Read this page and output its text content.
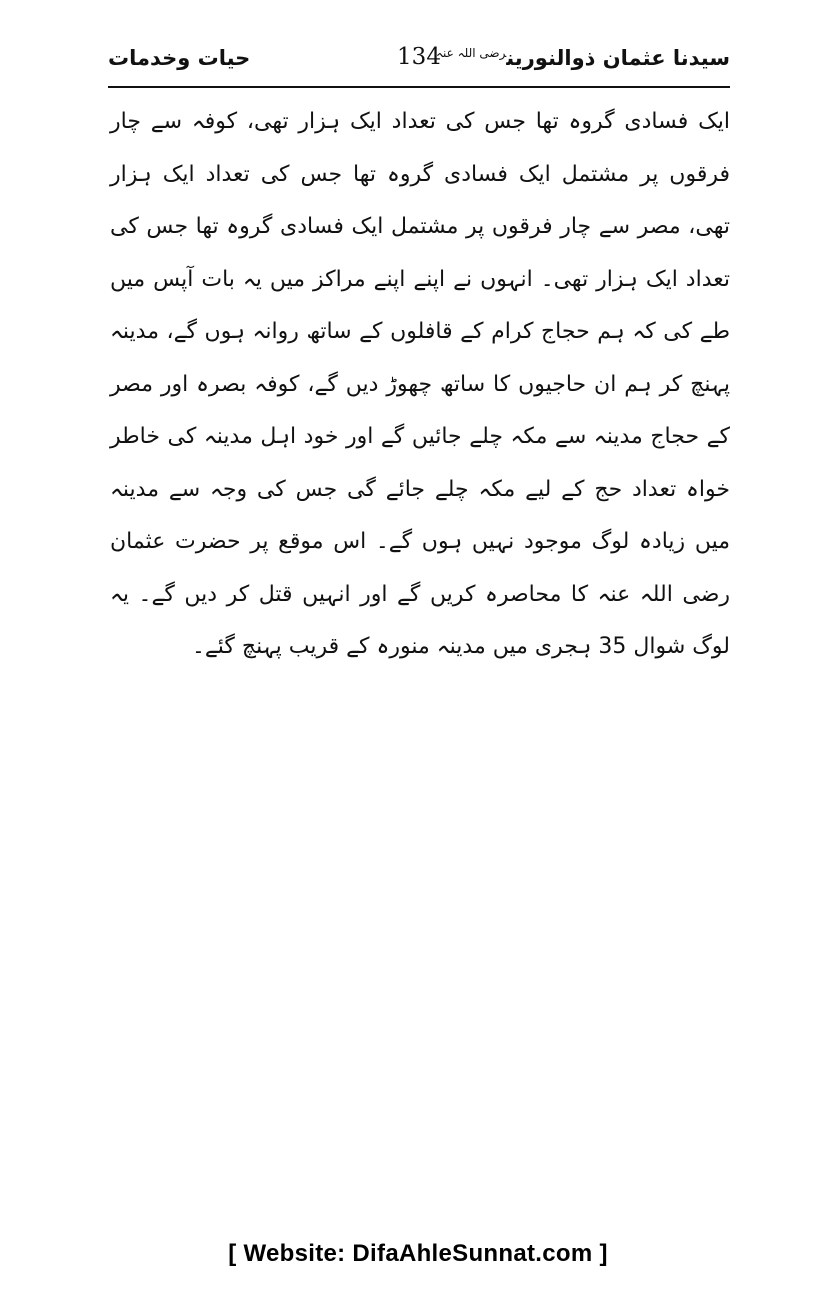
سیدنا عثمان ذوالنورین$^{رضی اللہ عنہ}$
134
حیات وخدمات

ایک فسادی گروہ تھا جس کی تعداد ایک ہزار تھی، کوفہ سے چار فرقوں پر مشتمل ایک فسادی گروہ تھا جس کی تعداد ایک ہزار تھی، مصر سے چار فرقوں پر مشتمل ایک فسادی گروہ تھا جس کی تعداد ایک ہزار تھی۔ انہوں نے اپنے اپنے مراکز میں یہ بات آپس میں طے کی کہ ہم حجاج کرام کے قافلوں کے ساتھ روانہ ہوں گے، مدینہ پہنچ کر ہم ان حاجیوں کا ساتھ چھوڑ دیں گے، کوفہ بصرہ اور مصر کے حجاج مدینہ سے مکہ چلے جائیں گے اور خود اہل مدینہ کی خاطر خواہ تعداد حج کے لیے مکہ چلے جائے گی جس کی وجہ سے مدینہ میں زیادہ لوگ موجود نہیں ہوں گے۔ اس موقع پر حضرت عثمان رضی اللہ عنہ کا محاصرہ کریں گے اور انہیں قتل کر دیں گے۔ یہ لوگ شوال 35 ہجری میں مدینہ منورہ کے قریب پہنچ گئے۔

[ Website: DifaAhleSunnat.com ]
